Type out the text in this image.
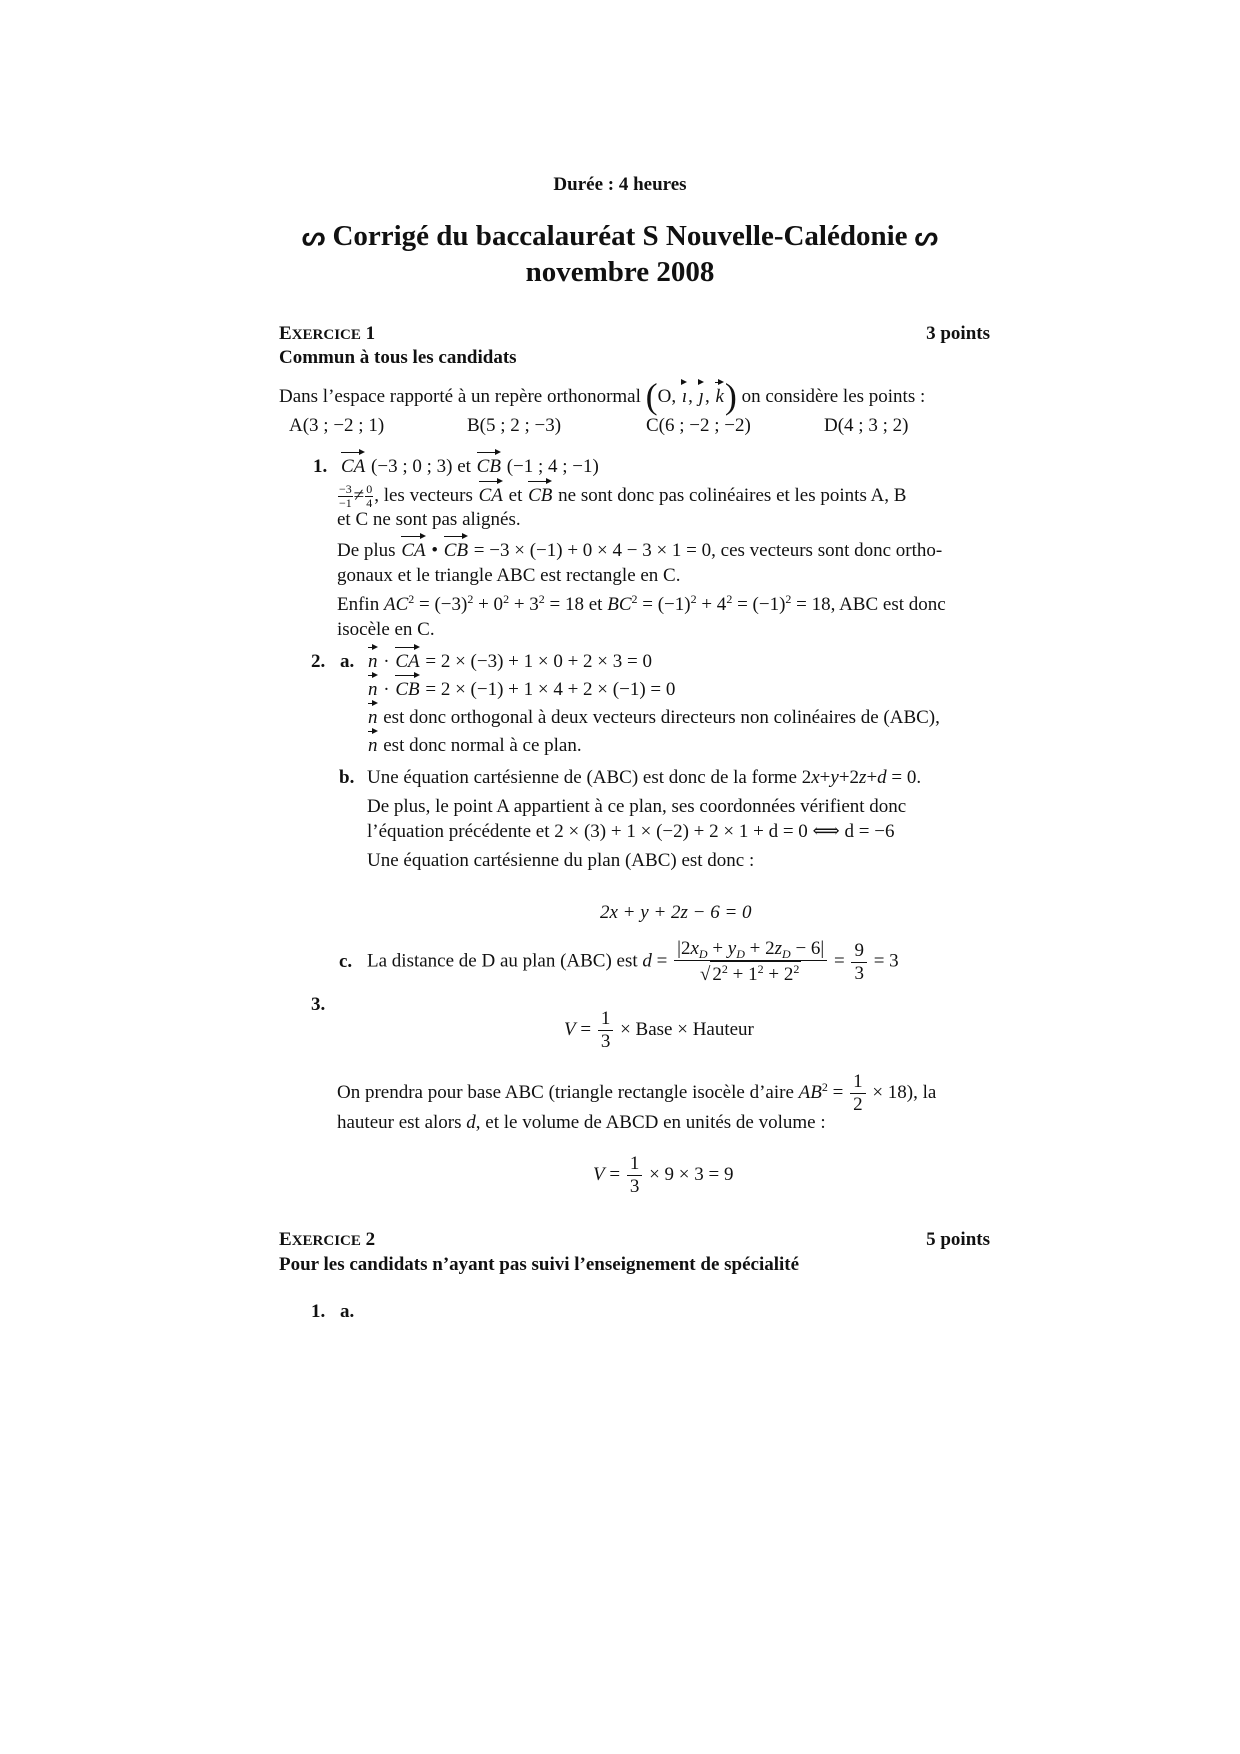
Durée : 4 heures
ᔕ Corrigé du baccalauréat S Nouvelle-Calédonie ᔕ
novembre 2008
EXERCICE 1	3 points
Commun à tous les candidats
Dans l’espace rapporté à un repère orthonormal (O, ı, ȷ, k) on considère les points :
A(3 ; −2 ; 1)	B(5 ; 2 ; −3)	C(6 ; −2 ; −2)	D(4 ; 3 ; 2)
1. CA (−3 ; 0 ; 3) et CB (−1 ; 4 ; −1)
$\frac{-3}{-1} \ne \frac{0}{4}$ , les vecteurs CA et CB ne sont donc pas colinéaires et les points A, B
et C ne sont pas alignés.
De plus CA • CB = −3 × (−1) + 0 × 4 − 3 × 1 = 0, ces vecteurs sont donc ortho-
gonaux et le triangle ABC est rectangle en C.
Enfin $AC^2 = (-3)^2 + 0^2 + 3^2 = 18$ et $BC^2 = (-1)^2 + 4^2 = (-1)^2 = 18$, ABC est donc
isocèle en C.
2. a. n · CA = 2 × (−3) + 1 × 0 + 2 × 3 = 0
n · CB = 2 × (−1) + 1 × 4 + 2 × (−1) = 0
n est donc orthogonal à deux vecteurs directeurs non colinéaires de (ABC),
n est donc normal à ce plan.
b. Une équation cartésienne de (ABC) est donc de la forme 2x+y+2z+d = 0.
De plus, le point A appartient à ce plan, ses coordonnées vérifient donc
l’équation précédente et 2 × (3) + 1 × (−2) + 2 × 1 + d = 0 ⟺ d = −6
Une équation cartésienne du plan (ABC) est donc :
2x + y + 2z − 6 = 0
c. La distance de D au plan (ABC) est $d = \frac{|2x_D + y_D + 2z_D - 6|}{√ 2^2 + 1^2 + 2^2} = \frac{9}{3} = 3$
3.
$V = \frac{1}{3}$ × Base × Hauteur
On prendra pour base ABC (triangle rectangle isocèle d’aire $AB^2 = \frac{1}{2} \times 18$), la
hauteur est alors d, et le volume de ABCD en unités de volume :
$V = \frac{1}{3} \times 9 \times 3 = 9$
EXERCICE 2	5 points
Pour les candidats n’ayant pas suivi l’enseignement de spécialité
1. a.
